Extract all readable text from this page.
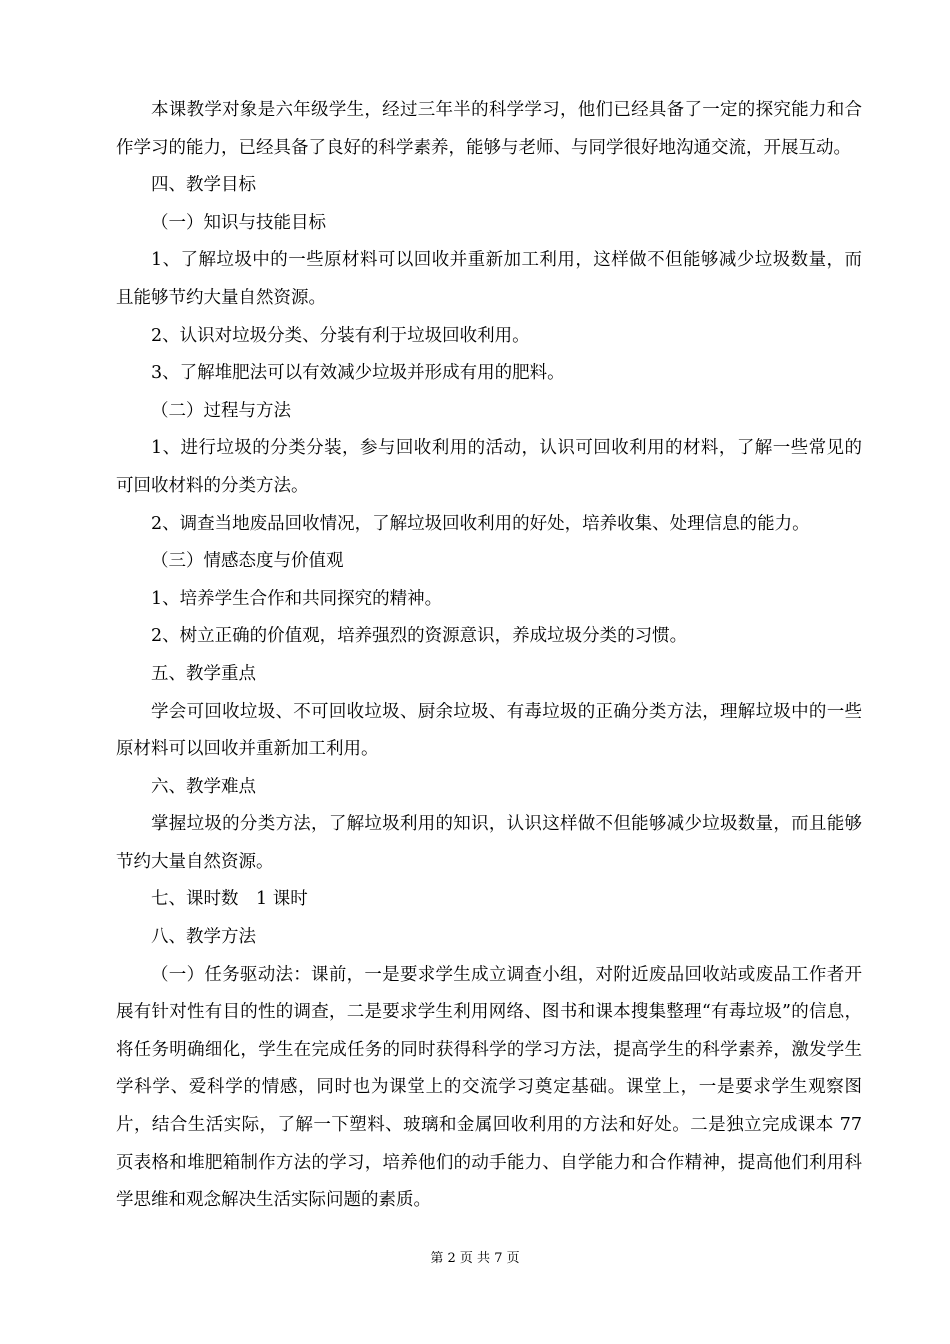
本课教学对象是六年级学生，经过三年半的科学学习，他们已经具备了一定的探究能力和合作学习的能力，已经具备了良好的科学素养，能够与老师、与同学很好地沟通交流，开展互动。

四、教学目标

（一）知识与技能目标

1、了解垃圾中的一些原材料可以回收并重新加工利用，这样做不但能够减少垃圾数量，而且能够节约大量自然资源。

2、认识对垃圾分类、分装有利于垃圾回收利用。

3、了解堆肥法可以有效减少垃圾并形成有用的肥料。

（二）过程与方法

1、进行垃圾的分类分装，参与回收利用的活动，认识可回收利用的材料，了解一些常见的可回收材料的分类方法。

2、调查当地废品回收情况，了解垃圾回收利用的好处，培养收集、处理信息的能力。

（三）情感态度与价值观

1、培养学生合作和共同探究的精神。

2、树立正确的价值观，培养强烈的资源意识，养成垃圾分类的习惯。

五、教学重点

学会可回收垃圾、不可回收垃圾、厨余垃圾、有毒垃圾的正确分类方法，理解垃圾中的一些原材料可以回收并重新加工利用。

六、教学难点

掌握垃圾的分类方法，了解垃圾利用的知识，认识这样做不但能够减少垃圾数量，而且能够节约大量自然资源。

七、课时数　1 课时

八、教学方法

（一）任务驱动法：课前，一是要求学生成立调查小组，对附近废品回收站或废品工作者开展有针对性有目的性的调查，二是要求学生利用网络、图书和课本搜集整理“有毒垃圾”的信息，将任务明确细化，学生在完成任务的同时获得科学的学习方法，提高学生的科学素养，激发学生学科学、爱科学的情感，同时也为课堂上的交流学习奠定基础。课堂上，一是要求学生观察图片，结合生活实际，了解一下塑料、玻璃和金属回收利用的方法和好处。二是独立完成课本 77 页表格和堆肥箱制作方法的学习，培养他们的动手能力、自学能力和合作精神，提高他们利用科学思维和观念解决生活实际问题的素质。

第 2 页 共 7 页
